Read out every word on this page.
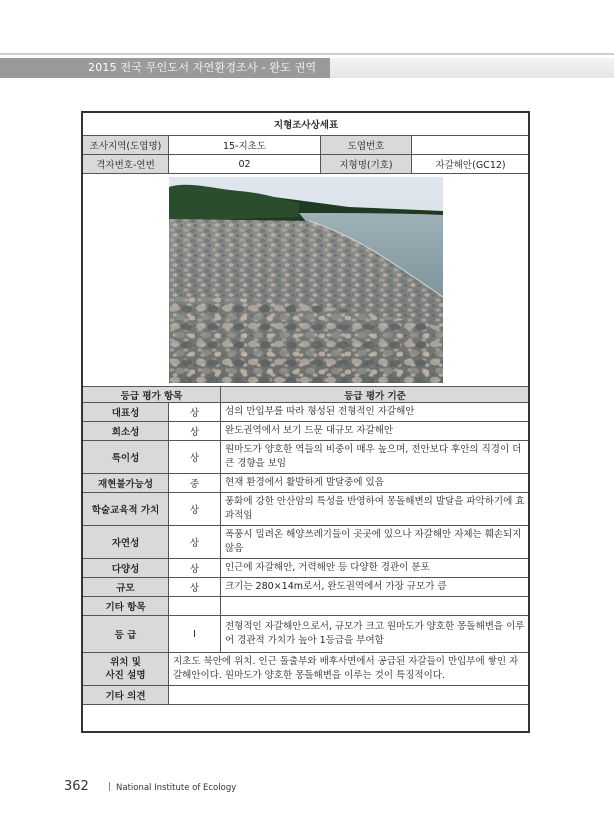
2015 전국 무인도서 자연환경조사 - 완도 권역
지형조사상세표				
조사지역(도엽명)	15-지초도		도엽번호	
격자번호-연번	02		지형명(기호)	자갈해안(GC12)

등급 평가 항목		등급 평가 기준		
대표성	상	섬의 만입부를 따라 형성된 전형적인 자갈해안		
희소성	상	완도권역에서 보기 드문 대규모 자갈해안		
특이성	상	원마도가 양호한 역들의 비중이 매우 높으며, 전안보다 후안의 직경이 더 큰 경향을 보임		
재현불가능성	중	현재 환경에서 활발하게 발달중에 있음		
학술교육적 가치	상	풍화에 강한 안산암의 특성을 반영하여 몽돌해변의 발달을 파악하기에 효과적임		
자연성	상	폭풍시 밀려온 해양쓰레기들이 곳곳에 있으나 자갈해안 자체는 훼손되지 않음		
다양성	상	인근에 자갈해안, 거력해안 등 다양한 경관이 분포		
규모	상	크기는 280×14m로서, 완도권역에서 가장 규모가 큼		
기타 항목				
등 급	Ⅰ	전형적인 자갈해안으로서, 규모가 크고 원마도가 양호한 몽돌해변을 이루어 경관적 가치가 높아 1등급을 부여함		
위치 및
사진 설명	지초도 북안에 위치. 인근 돌출부와 배후사면에서 공급된 자갈들이 만입부에 쌓인 자갈해안이다. 원마도가 양호한 몽돌해변을 이루는 것이 특징적이다.			
기타 의견				
362 | National Institute of Ecology
